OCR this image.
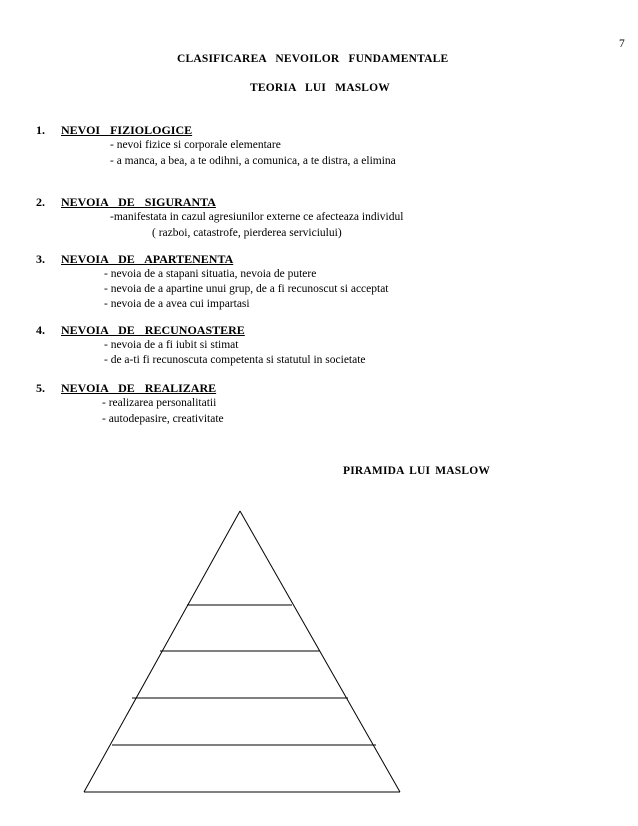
7
CLASIFICAREA NEVOILOR FUNDAMENTALE
TEORIA LUI MASLOW
1. NEVOI FIZIOLOGICE
- nevoi fizice si corporale elementare
- a manca, a bea, a te odihni, a comunica, a te distra, a elimina
2. NEVOIA DE SIGURANTA
-manifestata in cazul agresiunilor externe ce afecteaza individul
( razboi, catastrofe, pierderea serviciului)
3. NEVOIA DE APARTENENTA
- nevoia de a stapani situatia, nevoia de putere
- nevoia de a apartine unui grup, de a fi recunoscut si acceptat
- nevoia de a avea cui impartasi
4. NEVOIA DE RECUNOASTERE
- nevoia de a fi iubit si stimat
- de a-ti fi recunoscuta competenta si statutul in societate
5. NEVOIA DE REALIZARE
- realizarea personalitatii
- autodepasire, creativitate
PIRAMIDA LUI MASLOW
